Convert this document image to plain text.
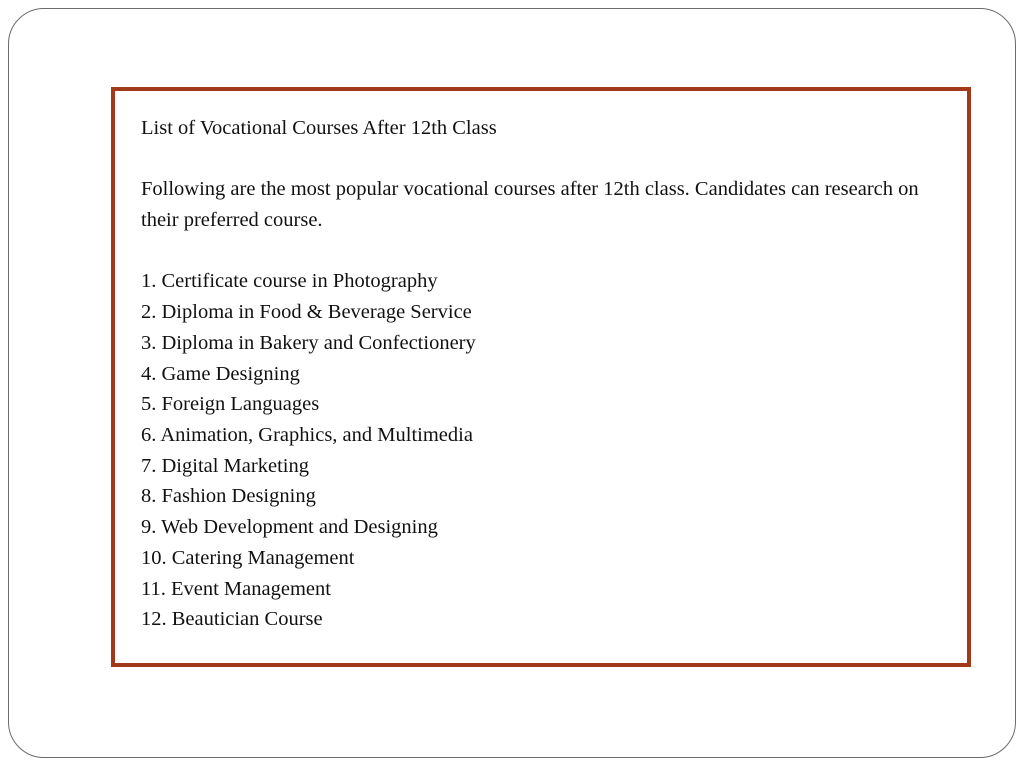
List of Vocational Courses After 12th Class

Following are the most popular vocational courses after 12th class. Candidates can research on their preferred course.

1. Certificate course in Photography
2. Diploma in Food & Beverage Service
3. Diploma in Bakery and Confectionery
4. Game Designing
5. Foreign Languages
6. Animation, Graphics, and Multimedia
7. Digital Marketing
8. Fashion Designing
9. Web Development and Designing
10. Catering Management
11. Event Management
12. Beautician Course
